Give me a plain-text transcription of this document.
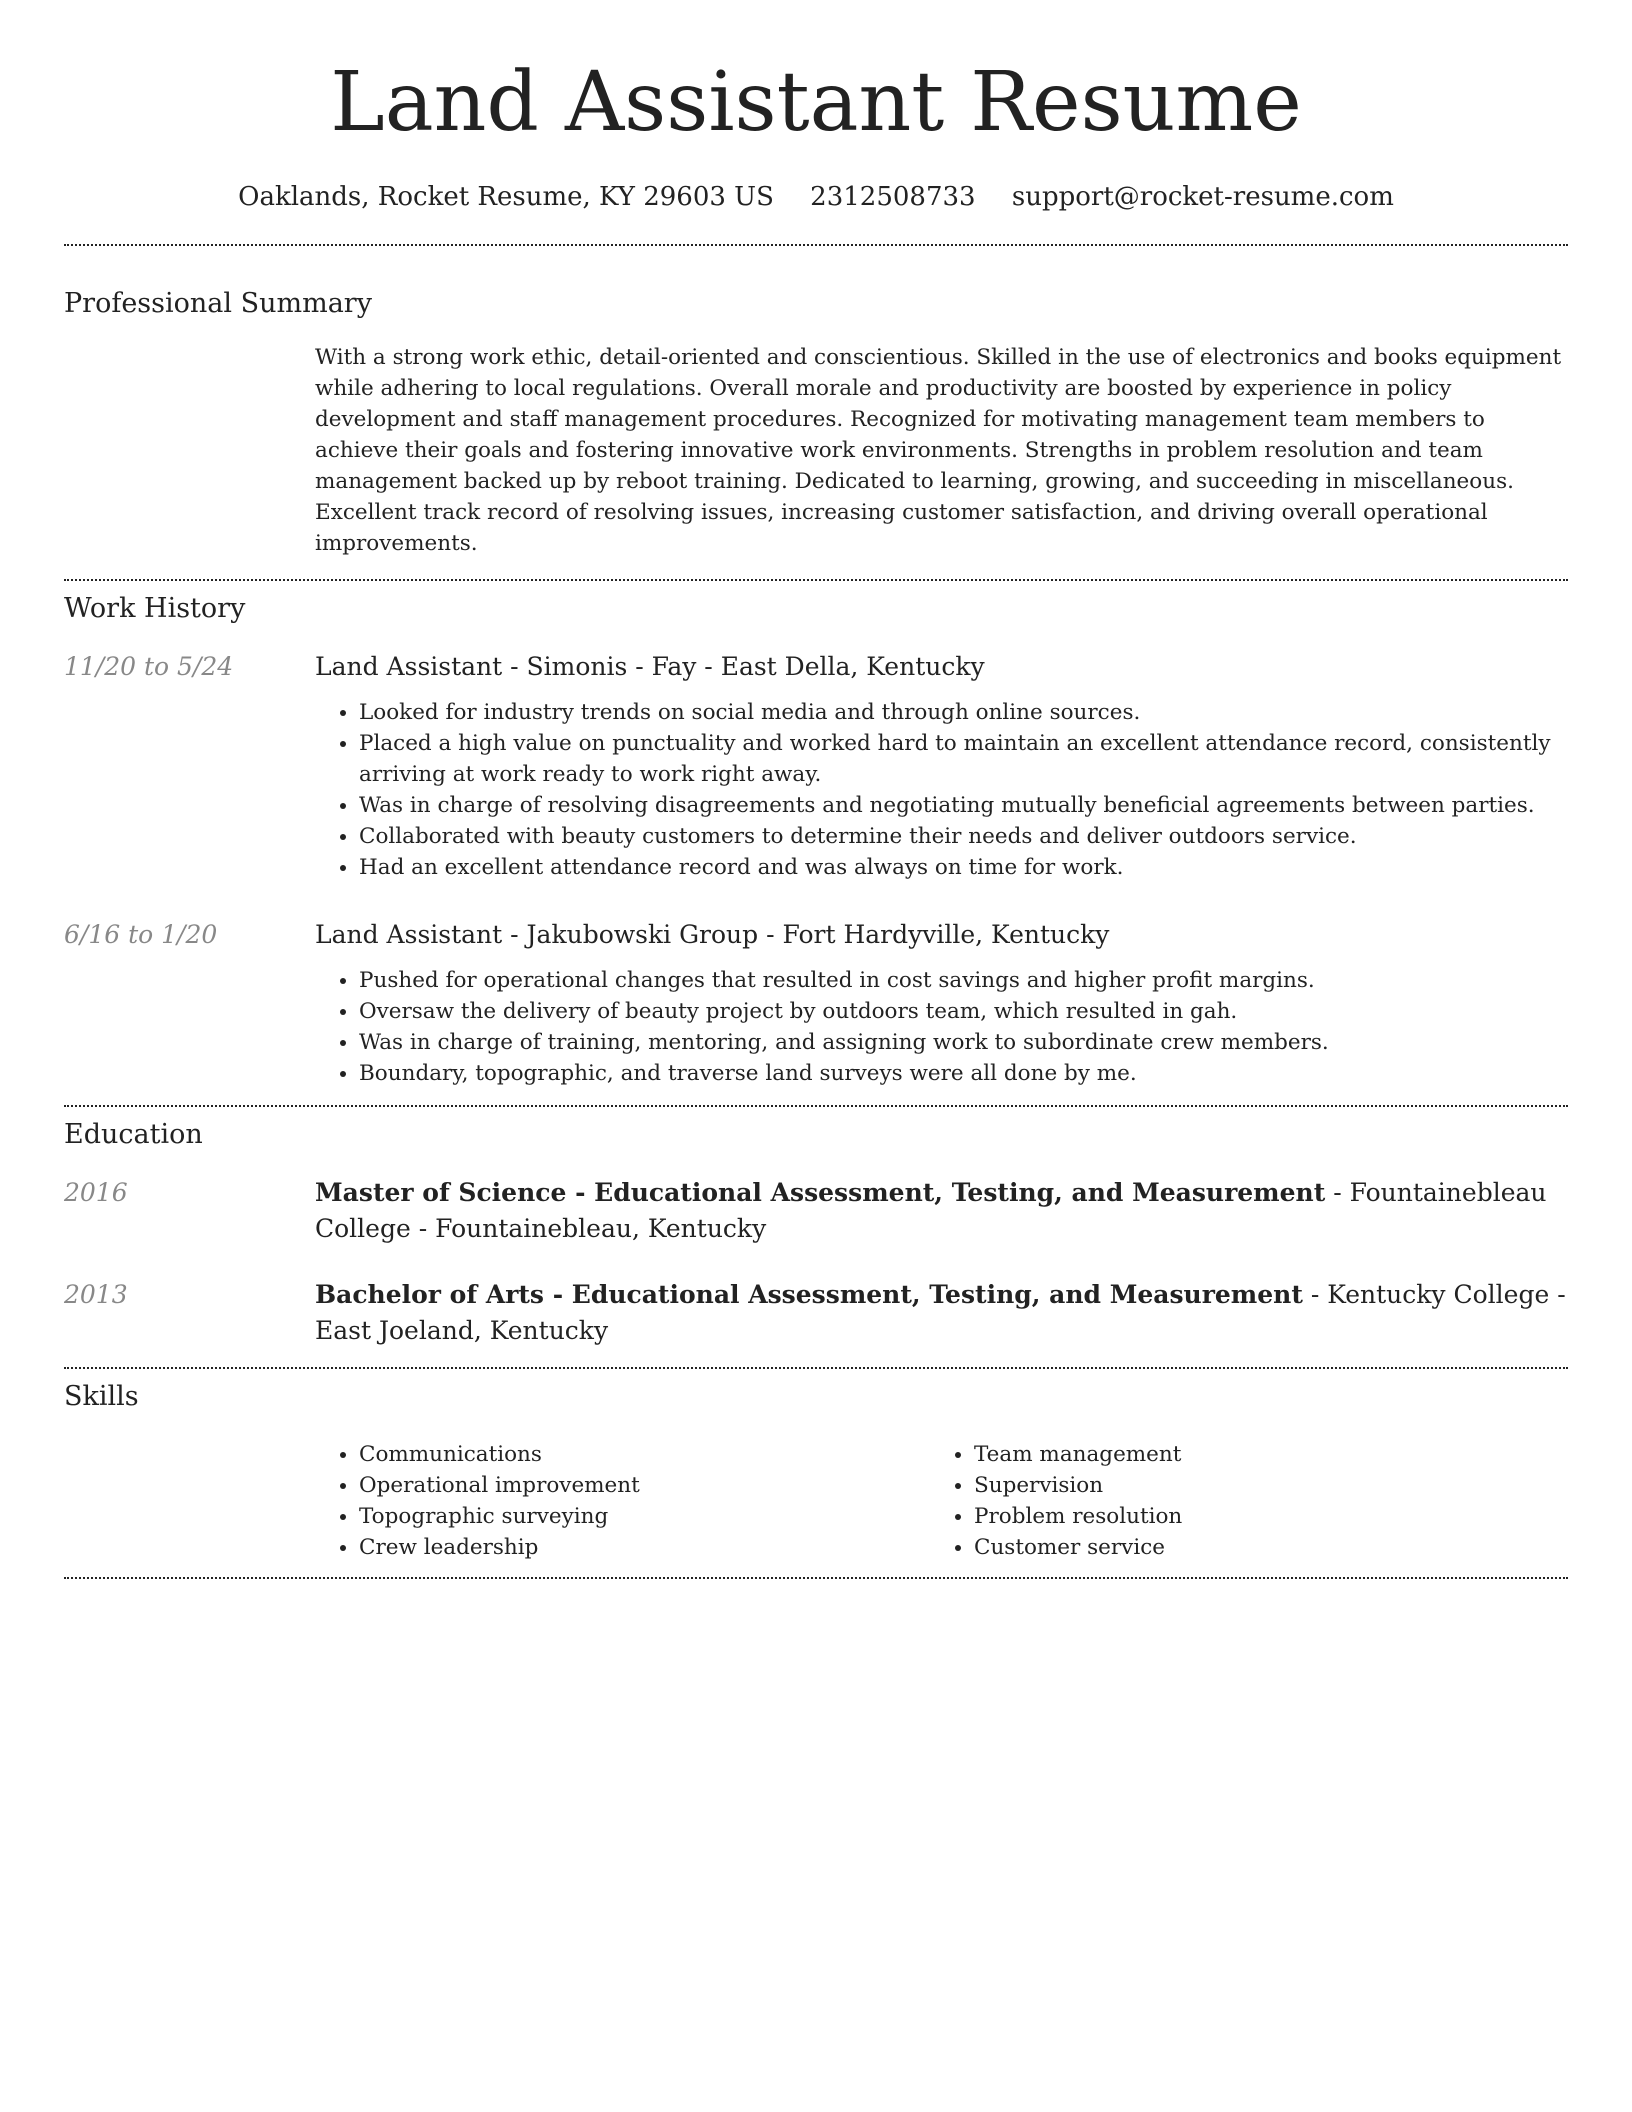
Land Assistant Resume
Oaklands, Rocket Resume, KY 29603 US 2312508733 support@rocket-resume.com
Professional Summary

With a strong work ethic, detail-oriented and conscientious. Skilled in the use of electronics and books equipment while adhering to local regulations. Overall morale and productivity are boosted by experience in policy development and staff management procedures. Recognized for motivating management team members to achieve their goals and fostering innovative work environments. Strengths in problem resolution and team management backed up by reboot training. Dedicated to learning, growing, and succeeding in miscellaneous. Excellent track record of resolving issues, increasing customer satisfaction, and driving overall operational improvements.

Work History
11/20 to 5/24	Land Assistant - Simonis - Fay - East Della, Kentucky
• Looked for industry trends on social media and through online sources.
• Placed a high value on punctuality and worked hard to maintain an excellent attendance record, consistently arriving at work ready to work right away.
• Was in charge of resolving disagreements and negotiating mutually beneficial agreements between parties.
• Collaborated with beauty customers to determine their needs and deliver outdoors service.
• Had an excellent attendance record and was always on time for work.
6/16 to 1/20	Land Assistant - Jakubowski Group - Fort Hardyville, Kentucky
• Pushed for operational changes that resulted in cost savings and higher profit margins.
• Oversaw the delivery of beauty project by outdoors team, which resulted in gah.
• Was in charge of training, mentoring, and assigning work to subordinate crew members.
• Boundary, topographic, and traverse land surveys were all done by me.
Education
2016	Master of Science - Educational Assessment, Testing, and Measurement - Fountainebleau College - Fountainebleau, Kentucky
2013	Bachelor of Arts - Educational Assessment, Testing, and Measurement - Kentucky College - East Joeland, Kentucky
Skills
• Communications
• Operational improvement
• Topographic surveying
• Crew leadership
• Team management
• Supervision
• Problem resolution
• Customer service
